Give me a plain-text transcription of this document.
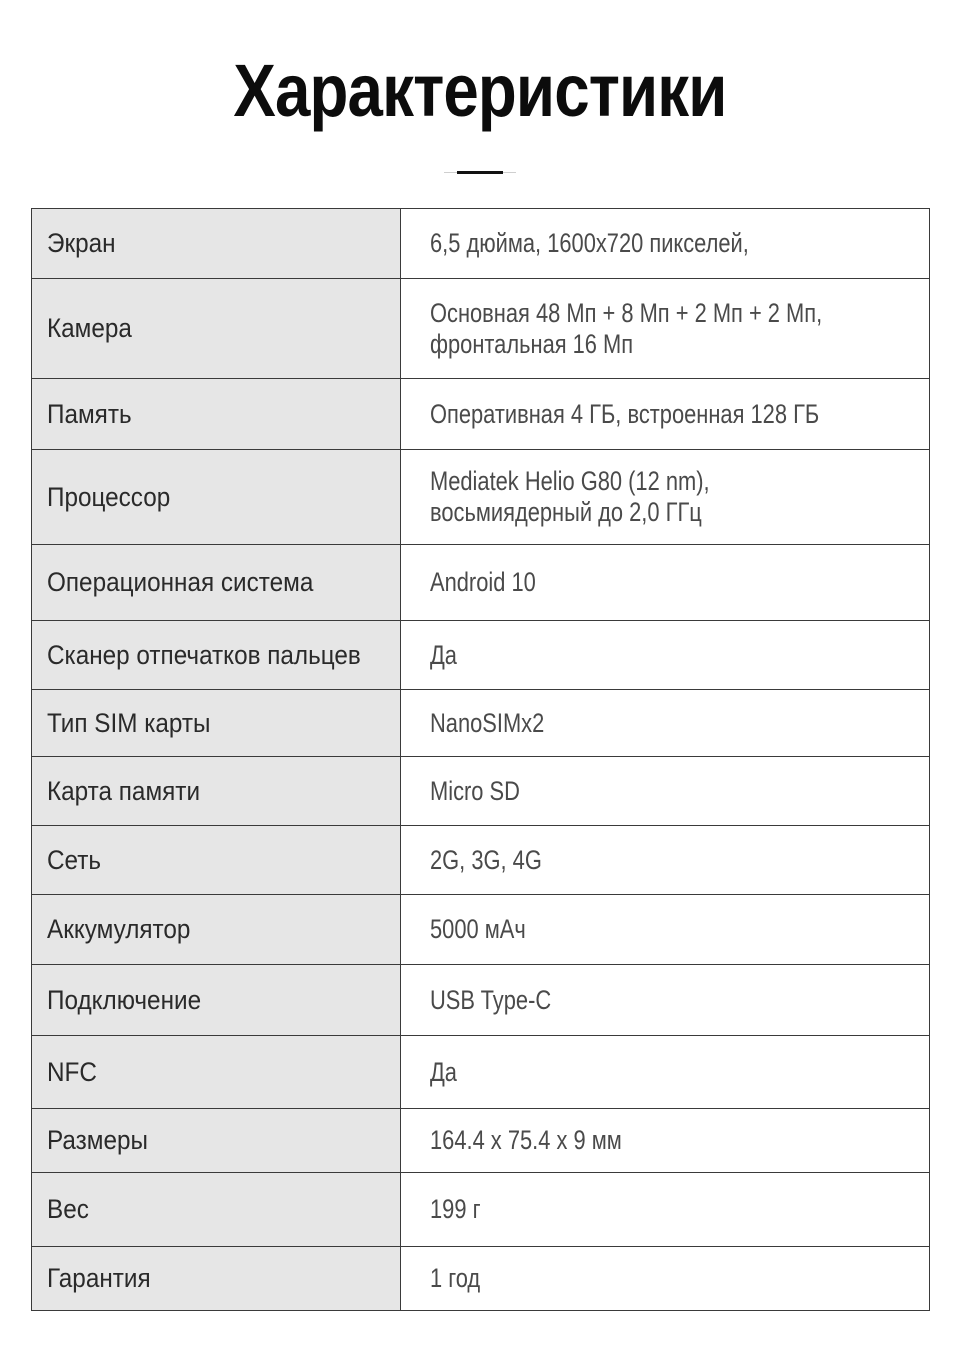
Характеристики
Экран	6,5 дюйма, 1600x720 пикселей,

Камера	Основная 48 Мп + 8 Мп + 2 Мп + 2 Мп,
фронтальная 16 Мп

Память	Оперативная 4 ГБ, встроенная 128 ГБ

Процессор	Mediatek Helio G80 (12 nm),
восьмиядерный до 2,0 ГГц

Операционная система	Android 10

Сканер отпечатков пальцев	Да

Тип SIM карты	NanoSIMx2

Карта памяти	Micro SD

Сеть	2G, 3G, 4G

Аккумулятор	5000 мАч

Подключение	USB Type-C

NFC	Да

Размеры	164.4 x 75.4 x 9 мм

Вес	199 г

Гарантия	1 год
